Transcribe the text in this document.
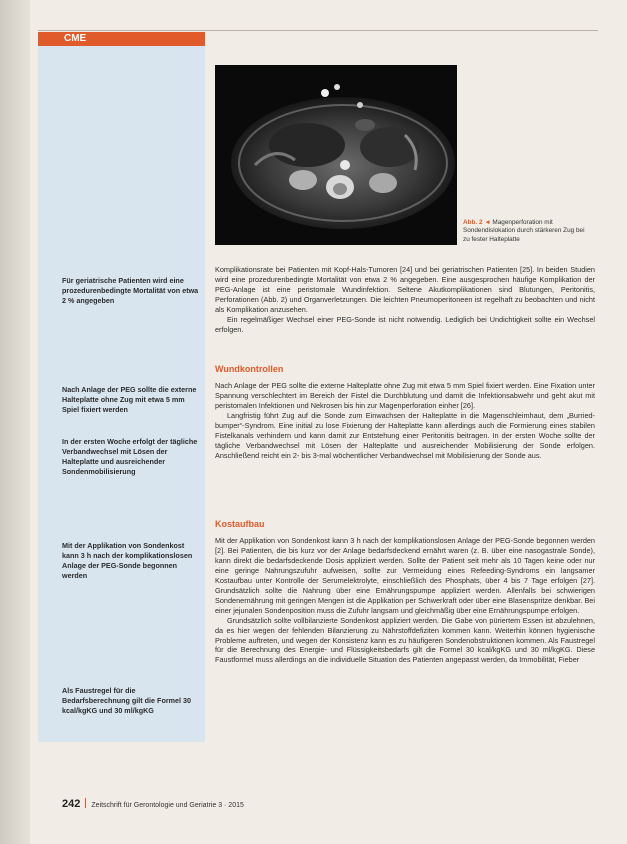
CME
Für geriatrische Patienten wird eine prozedurenbedingte Mortalität von etwa 2 % angegeben
Nach Anlage der PEG sollte die externe Halteplatte ohne Zug mit etwa 5 mm Spiel fixiert werden
In der ersten Woche erfolgt der tägliche Verbandwechsel mit Lösen der Halteplatte und ausreichender Sondenmobilisierung
Mit der Applikation von Sondenkost kann 3 h nach der komplikationslosen Anlage der PEG-Sonde begonnen werden
Als Faustregel für die Bedarfsberechnung gilt die Formel 30 kcal/kgKG und 30 ml/kgKG
Abb. 2 ◄ Magenperforation mit Sondendislokation durch stärkeren Zug bei zu fester Halteplatte

Komplikationsrate bei Patienten mit Kopf-Hals-Tumoren [24] und bei geriatrischen Patienten [25]. In beiden Studien wird eine prozedurenbedingte Mortalität von etwa 2 % angegeben. Eine ausgesprochen häufige Komplikation der PEG-Anlage ist eine peristomale Wundinfektion. Seltene Akutkomplikationen sind Blutungen, Peritonitis, Perforationen (Abb. 2) und Organverletzungen. Die leichten Pneumoperitoneen ist regelhaft zu beobachten und nicht als Komplikation anzusehen.

Ein regelmäßiger Wechsel einer PEG-Sonde ist nicht notwendig. Lediglich bei Undichtigkeit sollte ein Wechsel erfolgen.

Wundkontrollen

Nach Anlage der PEG sollte die externe Halteplatte ohne Zug mit etwa 5 mm Spiel fixiert werden. Eine Fixation unter Spannung verschlechtert im Bereich der Fistel die Durchblutung und damit die Infektionsabwehr und geht akut mit peristomalen Infektionen und Nekrosen bis hin zur Magenperforation einher [26].

Langfristig führt Zug auf die Sonde zum Einwachsen der Halteplatte in die Magenschleimhaut, dem „Burried-bumper“-Syndrom. Eine initial zu lose Fixierung der Halteplatte kann allerdings auch die Formierung eines stabilen Fistelkanals verhindern und kann damit zur Entstehung einer Peritonitis beitragen. In der ersten Woche sollte der tägliche Verbandwechsel mit Lösen der Halteplatte und ausreichender Mobilisierung der Sonde erfolgen. Anschließend reicht ein 2- bis 3-mal wöchentlicher Verbandwechsel mit Mobilisierung der Sonde aus.

Kostaufbau

Mit der Applikation von Sondenkost kann 3 h nach der komplikationslosen Anlage der PEG-Sonde begonnen werden [2]. Bei Patienten, die bis kurz vor der Anlage bedarfsdeckend ernährt waren (z. B. über eine nasogastrale Sonde), kann direkt die bedarfsdeckende Dosis appliziert werden. Sollte der Patient seit mehr als 10 Tagen keine oder nur eine geringe Nahrungszufuhr aufweisen, sollte zur Vermeidung eines Refeeding-Syndroms ein langsamer Kostaufbau unter Kontrolle der Serumelektrolyte, einschließlich des Phosphats, über 4 bis 7 Tage erfolgen [27]. Grundsätzlich sollte die Nahrung über eine Ernährungspumpe appliziert werden. Allenfalls bei schwierigen Sondenernährung mit geringen Mengen ist die Applikation per Schwerkraft oder über eine Blasenspritze denkbar. Bei einer jejunalen Sondenposition muss die Zufuhr langsam und gleichmäßig über eine Ernährungspumpe erfolgen.

Grundsätzlich sollte vollbilanzierte Sondenkost appliziert werden. Die Gabe von püriertem Essen ist abzulehnen, da es hier wegen der fehlenden Bilanzierung zu Nährstoffdefiziten kommen kann. Weiterhin können hygienische Probleme auftreten, und wegen der Konsistenz kann es zu häufigeren Sondenobstruktionen kommen. Als Faustregel für die Berechnung des Energie- und Flüssigkeitsbedarfs gilt die Formel 30 kcal/kgKG und 30 ml/kgKG. Diese Faustformel muss allerdings an die individuelle Situation des Patienten angepasst werden, da Immobilität, Fieber

242 Zeitschrift für Gerontologie und Geriatrie 3 · 2015
